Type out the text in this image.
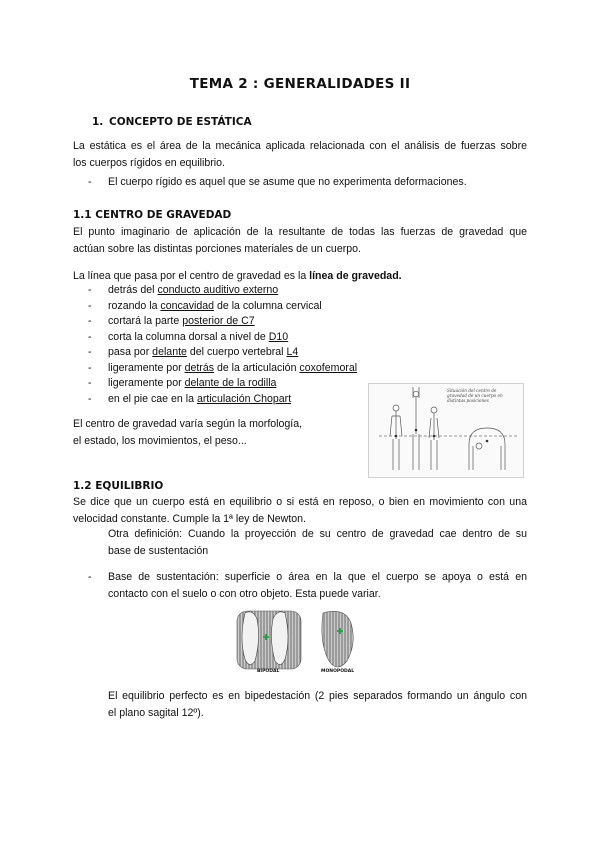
TEMA 2 : GENERALIDADES II
1. CONCEPTO DE ESTÁTICA
La estática es el área de la mecánica aplicada relacionada con el análisis de fuerzas sobre
los cuerpos rígidos en equilibrio.
- El cuerpo rígido es aquel que se asume que no experimenta deformaciones.
1.1 CENTRO DE GRAVEDAD
El punto imaginario de aplicación de la resultante de todas las fuerzas de gravedad que
actúan sobre las distintas porciones materiales de un cuerpo.
La línea que pasa por el centro de gravedad es la línea de gravedad.
- detrás del conducto auditivo externo
- rozando la concavidad de la columna cervical
- cortará la parte posterior de C7
- corta la columna dorsal a nivel de D10
- pasa por delante del cuerpo vertebral L4
- ligeramente por detrás de la articulación coxofemoral
- ligeramente por delante de la rodilla
- en el pie cae en la articulación Chopart
El centro de gravedad varía según la morfología,
el estado, los movimientos, el peso...
Situación del centro de gravedad de un cuerpo en distintas posiciones
1.2 EQUILIBRIO
Se dice que un cuerpo está en equilibrio o si está en reposo, o bien en movimiento con una
velocidad constante. Cumple la 1ª ley de Newton.
Otra definición: Cuando la proyección de su centro de gravedad cae dentro de su
base de sustentación
- Base de sustentación: superficie o área en la que el cuerpo se apoya o está en
contacto con el suelo o con otro objeto. Esta puede variar.
BIPODAL	MONOPODAL
El equilibrio perfecto es en bipedestación (2 pies separados formando un ángulo con
el plano sagital 12º).
